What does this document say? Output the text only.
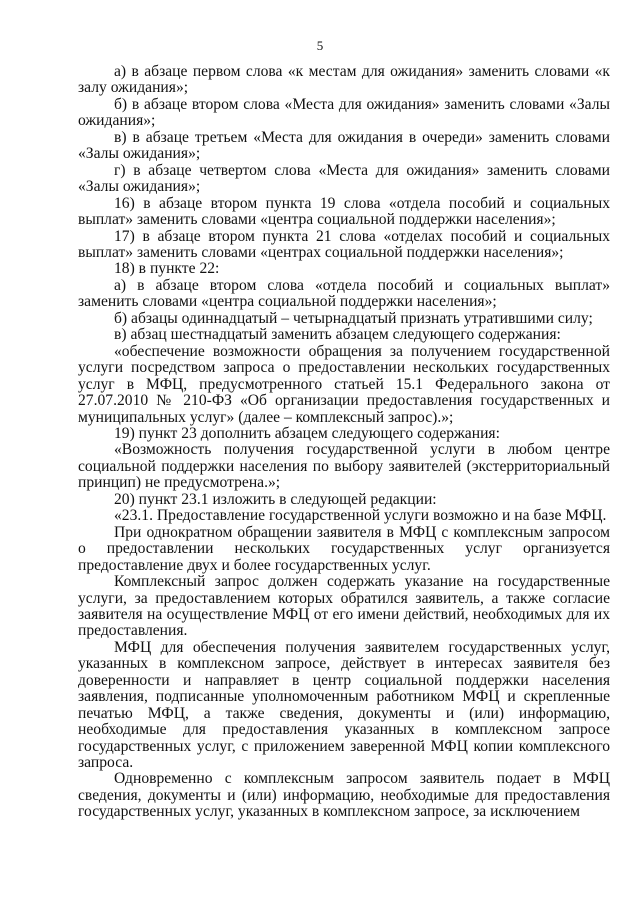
5

а) в абзаце первом слова «к местам для ожидания» заменить словами «к залу ожидания»;

б) в абзаце втором слова «Места для ожидания» заменить словами «Залы ожидания»;

в) в абзаце третьем «Места для ожидания в очереди» заменить словами «Залы ожидания»;

г) в абзаце четвертом слова «Места для ожидания» заменить словами «Залы ожидания»;

16) в абзаце втором пункта 19 слова «отдела пособий и социальных выплат» заменить словами «центра социальной поддержки населения»;

17) в абзаце втором пункта 21 слова «отделах пособий и социальных выплат» заменить словами «центрах социальной поддержки населения»;

18) в пункте 22:

а) в абзаце втором слова «отдела пособий и социальных выплат» заменить словами «центра социальной поддержки населения»;

б) абзацы одиннадцатый – четырнадцатый признать утратившими силу;

в) абзац шестнадцатый заменить абзацем следующего содержания:

«обеспечение возможности обращения за получением государственной услуги посредством запроса о предоставлении нескольких государственных услуг в МФЦ, предусмотренного статьей 15.1 Федерального закона от 27.07.2010 № 210-ФЗ «Об организации предоставления государственных и муниципальных услуг» (далее – комплексный запрос).»;

19) пункт 23 дополнить абзацем следующего содержания:

«Возможность получения государственной услуги в любом центре социальной поддержки населения по выбору заявителей (экстерриториальный принцип) не предусмотрена.»;

20) пункт 23.1 изложить в следующей редакции:

«23.1. Предоставление государственной услуги возможно и на базе МФЦ.

При однократном обращении заявителя в МФЦ с комплексным запросом о предоставлении нескольких государственных услуг организуется предоставление двух и более государственных услуг.

Комплексный запрос должен содержать указание на государственные услуги, за предоставлением которых обратился заявитель, а также согласие заявителя на осуществление МФЦ от его имени действий, необходимых для их предоставления.

МФЦ для обеспечения получения заявителем государственных услуг, указанных в комплексном запросе, действует в интересах заявителя без доверенности и направляет в центр социальной поддержки населения заявления, подписанные уполномоченным работником МФЦ и скрепленные печатью МФЦ, а также сведения, документы и (или) информацию, необходимые для предоставления указанных в комплексном запросе государственных услуг, с приложением заверенной МФЦ копии комплексного запроса.

Одновременно с комплексным запросом заявитель подает в МФЦ сведения, документы и (или) информацию, необходимые для предоставления государственных услуг, указанных в комплексном запросе, за исключением
